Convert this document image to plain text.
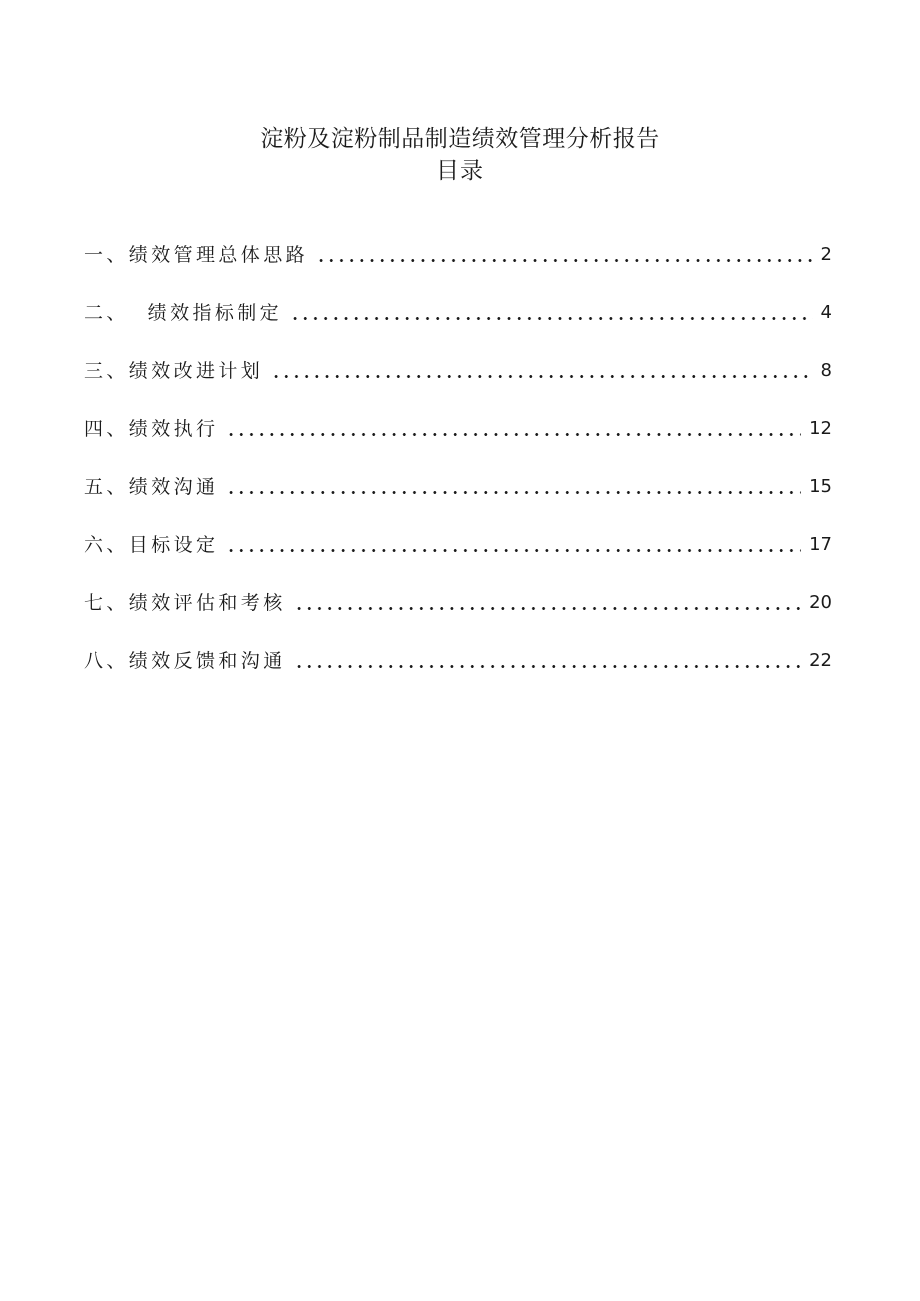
淀粉及淀粉制品制造绩效管理分析报告
目录
一、绩效管理总体思路	2
二、  绩效指标制定	4
三、绩效改进计划	8
四、绩效执行	12
五、绩效沟通	15
六、目标设定	17
七、绩效评估和考核	20
八、绩效反馈和沟通	22
